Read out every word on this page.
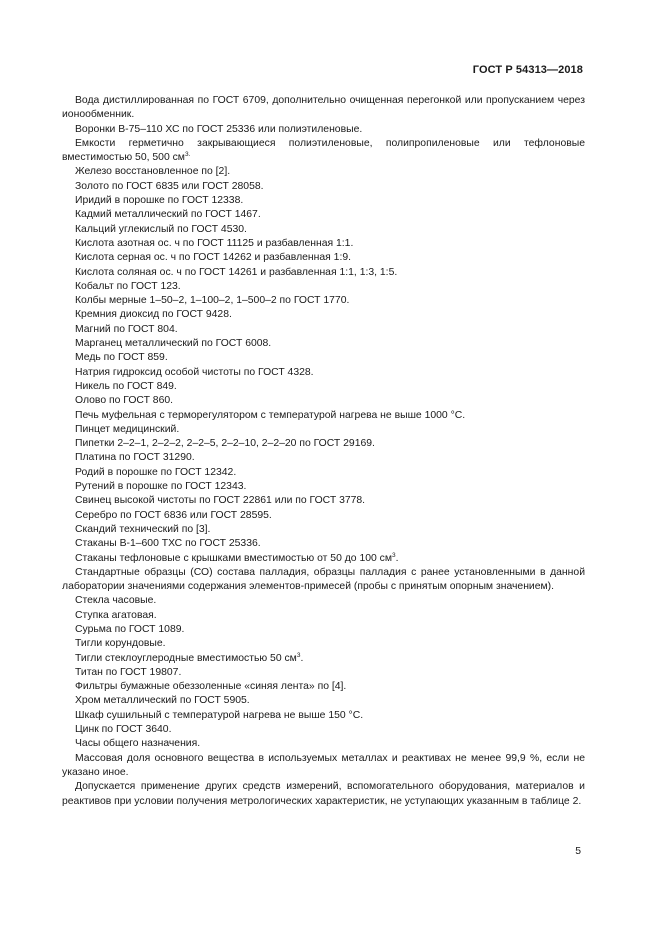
ГОСТ Р 54313—2018

Вода дистиллированная по ГОСТ 6709, дополнительно очищенная перегонкой или пропусканием через ионообменник.

Воронки В-75–110 ХС по ГОСТ 25336 или полиэтиленовые.

Емкости герметично закрывающиеся полиэтиленовые, полипропиленовые или тефлоновые вместимостью 50, 500 $см^{3.}$

Железо восстановленное по [2].

Золото по ГОСТ 6835 или ГОСТ 28058.

Иридий в порошке по ГОСТ 12338.

Кадмий металлический по ГОСТ 1467.

Кальций углекислый по ГОСТ 4530.

Кислота азотная ос. ч по ГОСТ 11125 и разбавленная 1:1.

Кислота серная ос. ч по ГОСТ 14262 и разбавленная 1:9.

Кислота соляная ос. ч по ГОСТ 14261 и разбавленная 1:1, 1:3, 1:5.

Кобальт по ГОСТ 123.

Колбы мерные 1–50–2, 1–100–2, 1–500–2 по ГОСТ 1770.

Кремния диоксид по ГОСТ 9428.

Магний по ГОСТ 804.

Марганец металлический по ГОСТ 6008.

Медь по ГОСТ 859.

Натрия гидроксид особой чистоты по ГОСТ 4328.

Никель по ГОСТ 849.

Олово по ГОСТ 860.

Печь муфельная с терморегулятором с температурой нагрева не выше 1000 °С.

Пинцет медицинский.

Пипетки 2–2–1, 2–2–2, 2–2–5, 2–2–10, 2–2–20 по ГОСТ 29169.

Платина по ГОСТ 31290.

Родий в порошке по ГОСТ 12342.

Рутений в порошке по ГОСТ 12343.

Свинец высокой чистоты по ГОСТ 22861 или по ГОСТ 3778.

Серебро по ГОСТ 6836 или ГОСТ 28595.

Скандий технический по [3].

Стаканы В-1–600 ТХС по ГОСТ 25336.

Стаканы тефлоновые с крышками вместимостью от 50 до 100 $см^3$.

Стандартные образцы (СО) состава палладия, образцы палладия с ранее установленными в данной лаборатории значениями содержания элементов-примесей (пробы с принятым опорным значением).

Стекла часовые.

Ступка агатовая.

Сурьма по ГОСТ 1089.

Тигли корундовые.

Тигли стеклоуглеродные вместимостью 50 $см^3$.

Титан по ГОСТ 19807.

Фильтры бумажные обеззоленные «синяя лента» по [4].

Хром металлический по ГОСТ 5905.

Шкаф сушильный с температурой нагрева не выше 150 °С.

Цинк по ГОСТ 3640.

Часы общего назначения.

Массовая доля основного вещества в используемых металлах и реактивах не менее 99,9 %, если не указано иное.

Допускается применение других средств измерений, вспомогательного оборудования, материалов и реактивов при условии получения метрологических характеристик, не уступающих указанным в таблице 2.

5
